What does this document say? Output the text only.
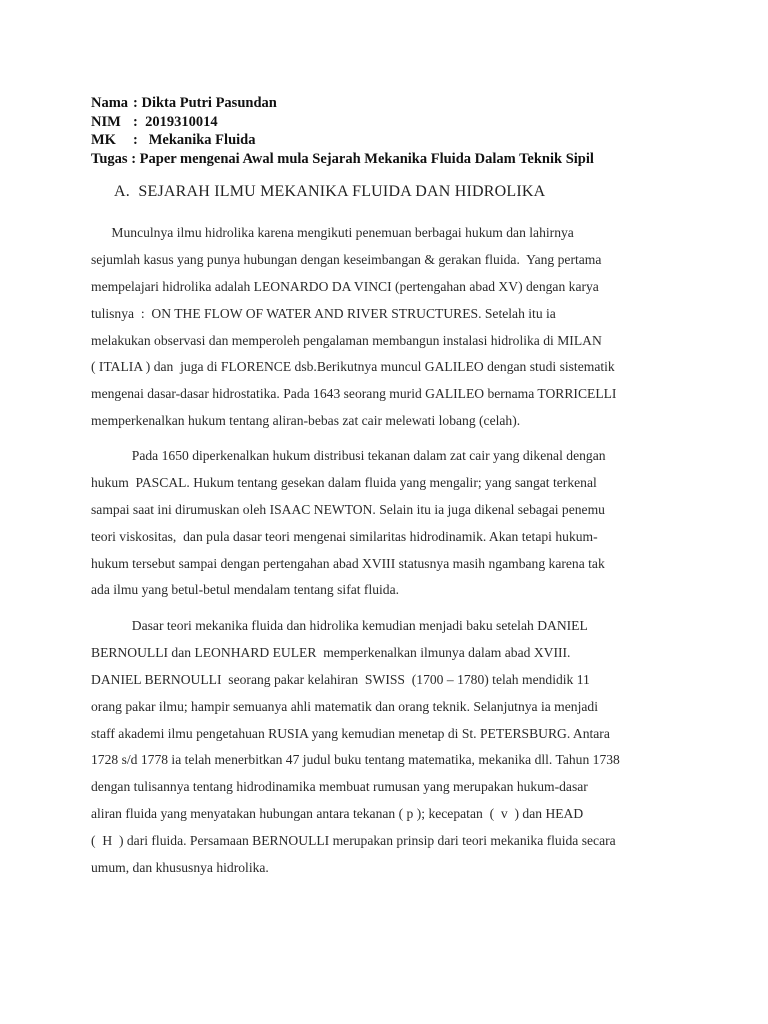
Nama : Dikta Putri Pasundan
NIM :  2019310014
MK :   Mekanika Fluida
Tugas : Paper mengenai Awal mula Sejarah Mekanika Fluida Dalam Teknik Sipil
A. SEJARAH ILMU MEKANIKA FLUIDA DAN HIDROLIKA
Munculnya ilmu hidrolika karena mengikuti penemuan berbagai hukum dan lahirnya
sejumlah kasus yang punya hubungan dengan keseimbangan & gerakan fluida.  Yang pertama
mempelajari hidrolika adalah LEONARDO DA VINCI (pertengahan abad XV) dengan karya
tulisnya  :  ON THE FLOW OF WATER AND RIVER STRUCTURES. Setelah itu ia
melakukan observasi dan memperoleh pengalaman membangun instalasi hidrolika di MILAN
( ITALIA ) dan  juga di FLORENCE dsb.Berikutnya muncul GALILEO dengan studi sistematik
mengenai dasar-dasar hidrostatika. Pada 1643 seorang murid GALILEO bernama TORRICELLI
memperkenalkan hukum tentang aliran-bebas zat cair melewati lobang (celah).
Pada 1650 diperkenalkan hukum distribusi tekanan dalam zat cair yang dikenal dengan
hukum  PASCAL. Hukum tentang gesekan dalam fluida yang mengalir; yang sangat terkenal
sampai saat ini dirumuskan oleh ISAAC NEWTON. Selain itu ia juga dikenal sebagai penemu
teori viskositas,  dan pula dasar teori mengenai similaritas hidrodinamik. Akan tetapi hukum-
hukum tersebut sampai dengan pertengahan abad XVIII statusnya masih ngambang karena tak
ada ilmu yang betul-betul mendalam tentang sifat fluida.
Dasar teori mekanika fluida dan hidrolika kemudian menjadi baku setelah DANIEL
BERNOULLI dan LEONHARD EULER  memperkenalkan ilmunya dalam abad XVIII.
DANIEL BERNOULLI  seorang pakar kelahiran  SWISS  (1700 – 1780) telah mendidik 11
orang pakar ilmu; hampir semuanya ahli matematik dan orang teknik. Selanjutnya ia menjadi
staff akademi ilmu pengetahuan RUSIA yang kemudian menetap di St. PETERSBURG. Antara
1728 s/d 1778 ia telah menerbitkan 47 judul buku tentang matematika, mekanika dll. Tahun 1738
dengan tulisannya tentang hidrodinamika membuat rumusan yang merupakan hukum-dasar
aliran fluida yang menyatakan hubungan antara tekanan ( p ); kecepatan  (  v  ) dan HEAD
(  H  ) dari fluida. Persamaan BERNOULLI merupakan prinsip dari teori mekanika fluida secara
umum, dan khususnya hidrolika.
